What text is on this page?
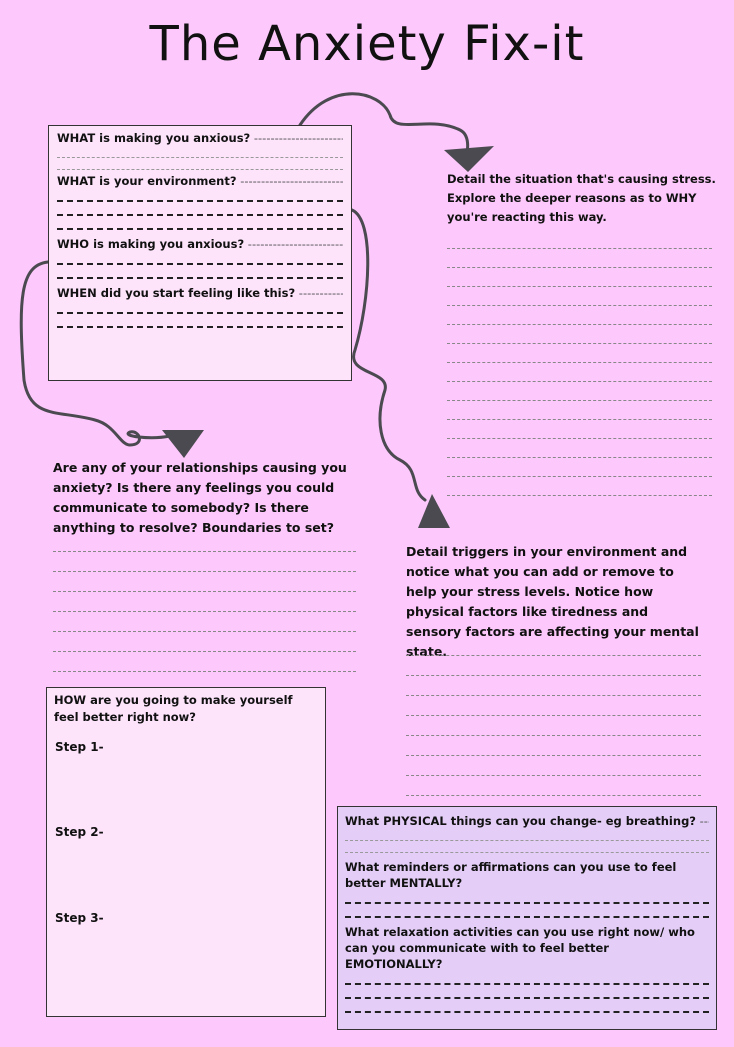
The Anxiety Fix-it
WHAT is making you anxious? -----
WHAT is your environment? -----
WHO is making you anxious? -----
WHEN did you start feeling like this? -----
Detail the situation that's causing stress. Explore the deeper reasons as to WHY you're reacting this way.
Are any of your relationships causing you anxiety? Is there any feelings you could communicate to somebody? Is there anything to resolve? Boundaries to set?
Detail triggers in your environment and notice what you can add or remove to help your stress levels. Notice how physical factors like tiredness and sensory factors are affecting your mental state.
HOW are you going to make yourself feel better right now?
Step 1-
Step 2-
Step 3-
What PHYSICAL things can you change- eg breathing? -----
What reminders or affirmations can you use to feel better MENTALLY?
What relaxation activities can you use right now/ who can you communicate with to feel better EMOTIONALLY?
